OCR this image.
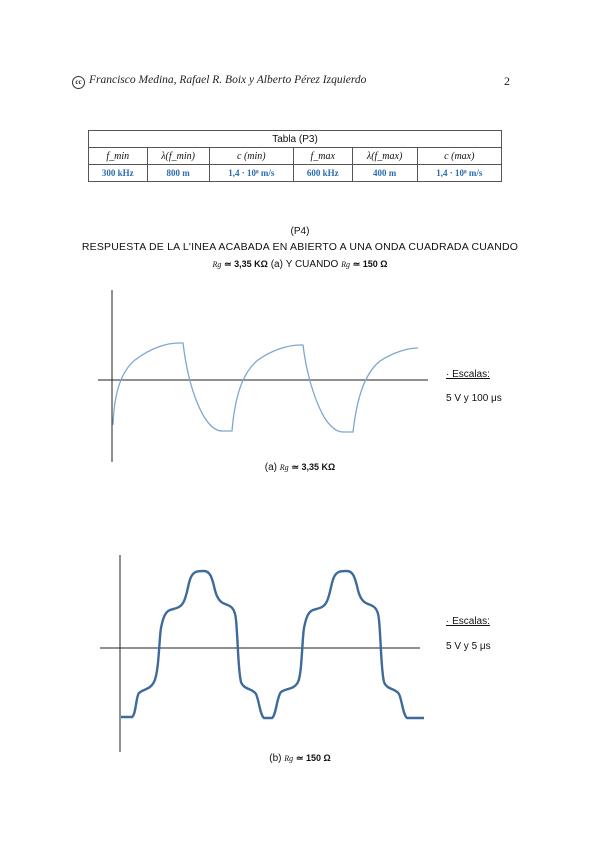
cc Francisco Medina, Rafael R. Boix y Alberto Pérez Izquierdo	2
Tabla (P3)					
f_min	λ(f_min)	c (min)	f_max	λ(f_max)	c (max)
300 kHz	800 m	1,4 · 10⁸ m/s	600 kHz	400 m	1,4 · 10⁸ m/s
(P4)
RESPUESTA DE LA L'INEA ACABADA EN ABIERTO A UNA ONDA CUADRADA CUANDO
Rg ≃ 3,35 KΩ (a) Y CUANDO Rg ≃ 150 Ω
· Escalas:
5 V y 100 μs
(a) Rg ≃ 3,35 KΩ
· Escalas:
5 V y 5 μs
(b) Rg ≃ 150 Ω
